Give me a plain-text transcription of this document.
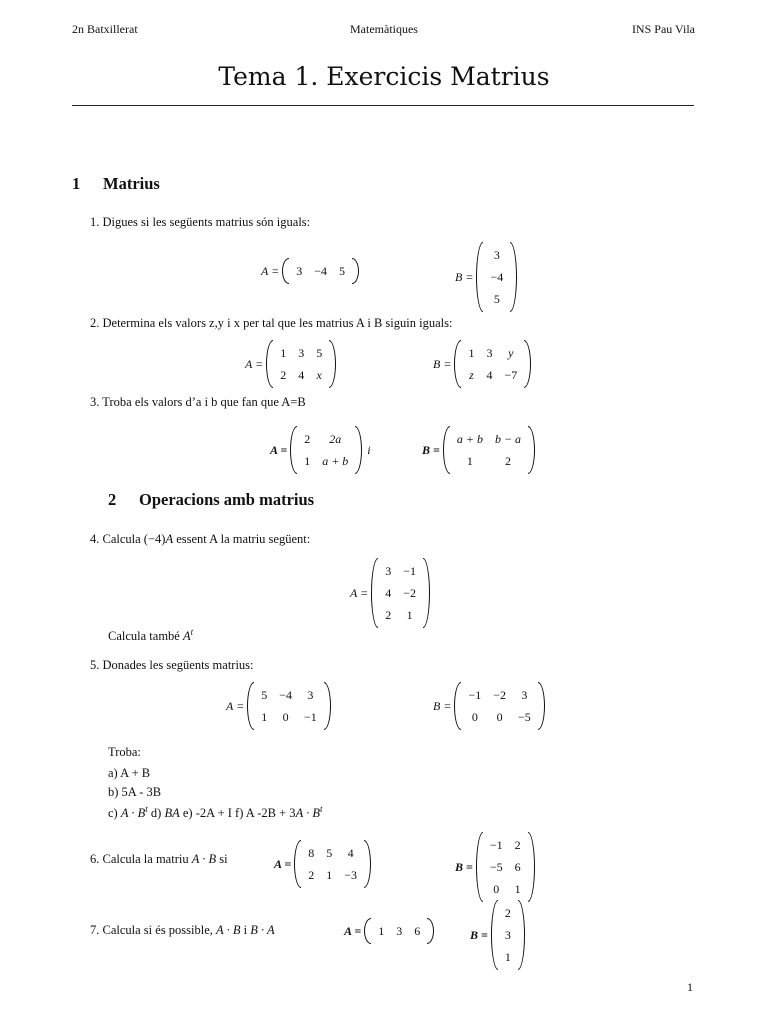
2n Batxillerat	Matemàtiques	INS Pau Vila
Tema 1. Exercicis Matrius
1 Matrius
1. Digues si les següents matrius són iguals:
A = 3	−4	5	B =
3
−4
5
2. Determina els valors z,y i x per tal que les matrius A i B siguin iguals:
A =
1	3	5
2	4	x
B =
1	3	y
z	4	−7
3. Troba els valors d’a i b que fan que A=B
A =
2	2a
1	a + b
i	B =
a + b	b − a
1	2
2 Operacions amb matrius
4. Calcula (−4)A essent A la matriu següent:
A =
3	−1
4	−2
2	1
Calcula també $A^t$
5. Donades les següents matrius:
A =
5	−4	3
1	0	−1
B =
−1	−2	3
0	0	−5
Troba:
a) A + B
b) 5A - 3B
c) $A \cdot B^t$ d) BA e) -2A + I f) A $-2B + 3A \cdot B^t$
6. Calcula la matriu A · B si	A =
8	5	4
2	1	−3
B =
−1	2
−5	6
0	1
7. Calcula si és possible, A · B i B · A	A = 1	3	6	B =
2
3
1
1
